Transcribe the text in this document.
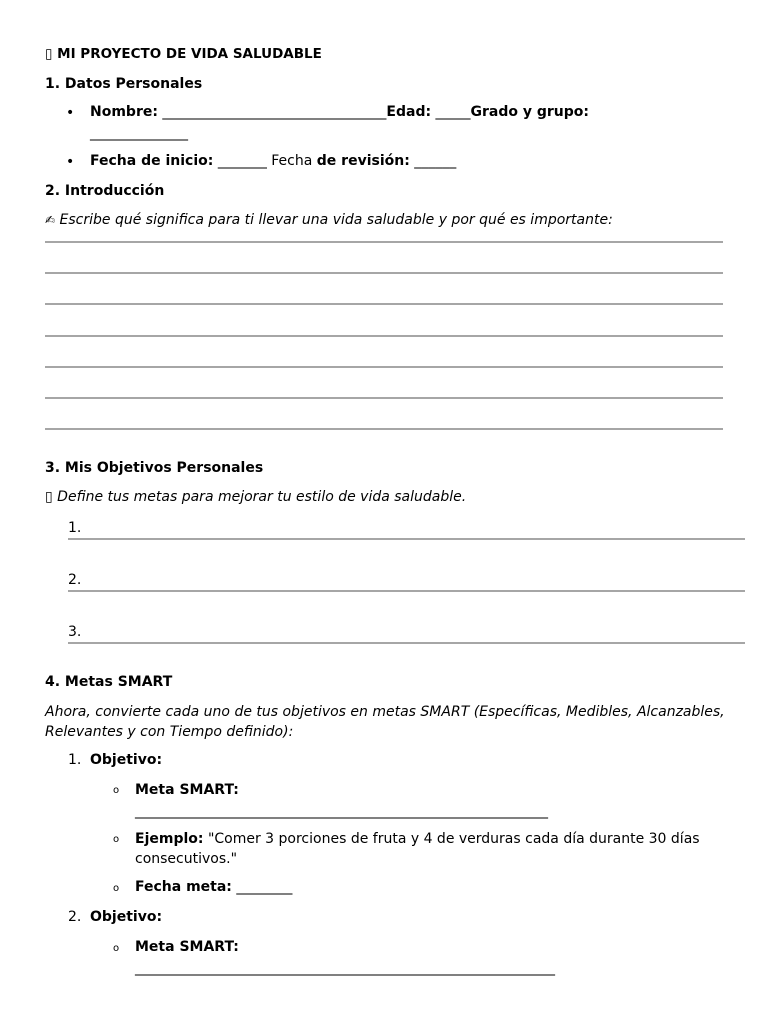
▯ MI PROYECTO DE VIDA SALUDABLE
1. Datos Personales
• Nombre: ________________________________Edad: _____Grado y grupo:
______________
• Fecha de inicio: _______ Fecha de revisión: ______
2. Introducción
✍ Escribe qué significa para ti llevar una vida saludable y por qué es importante:
3. Mis Objetivos Personales
▯ Define tus metas para mejorar tu estilo de vida saludable.
1.
2.
3.
4. Metas SMART
Ahora, convierte cada uno de tus objetivos en metas SMART (Específicas, Medibles, Alcanzables, Relevantes y con Tiempo definido):
1. Objetivo:
o Meta SMART:
___________________________________________________________
o Ejemplo: "Comer 3 porciones de fruta y 4 de verduras cada día durante 30 días consecutivos."
o Fecha meta: ________
2. Objetivo:
o Meta SMART:
____________________________________________________________
